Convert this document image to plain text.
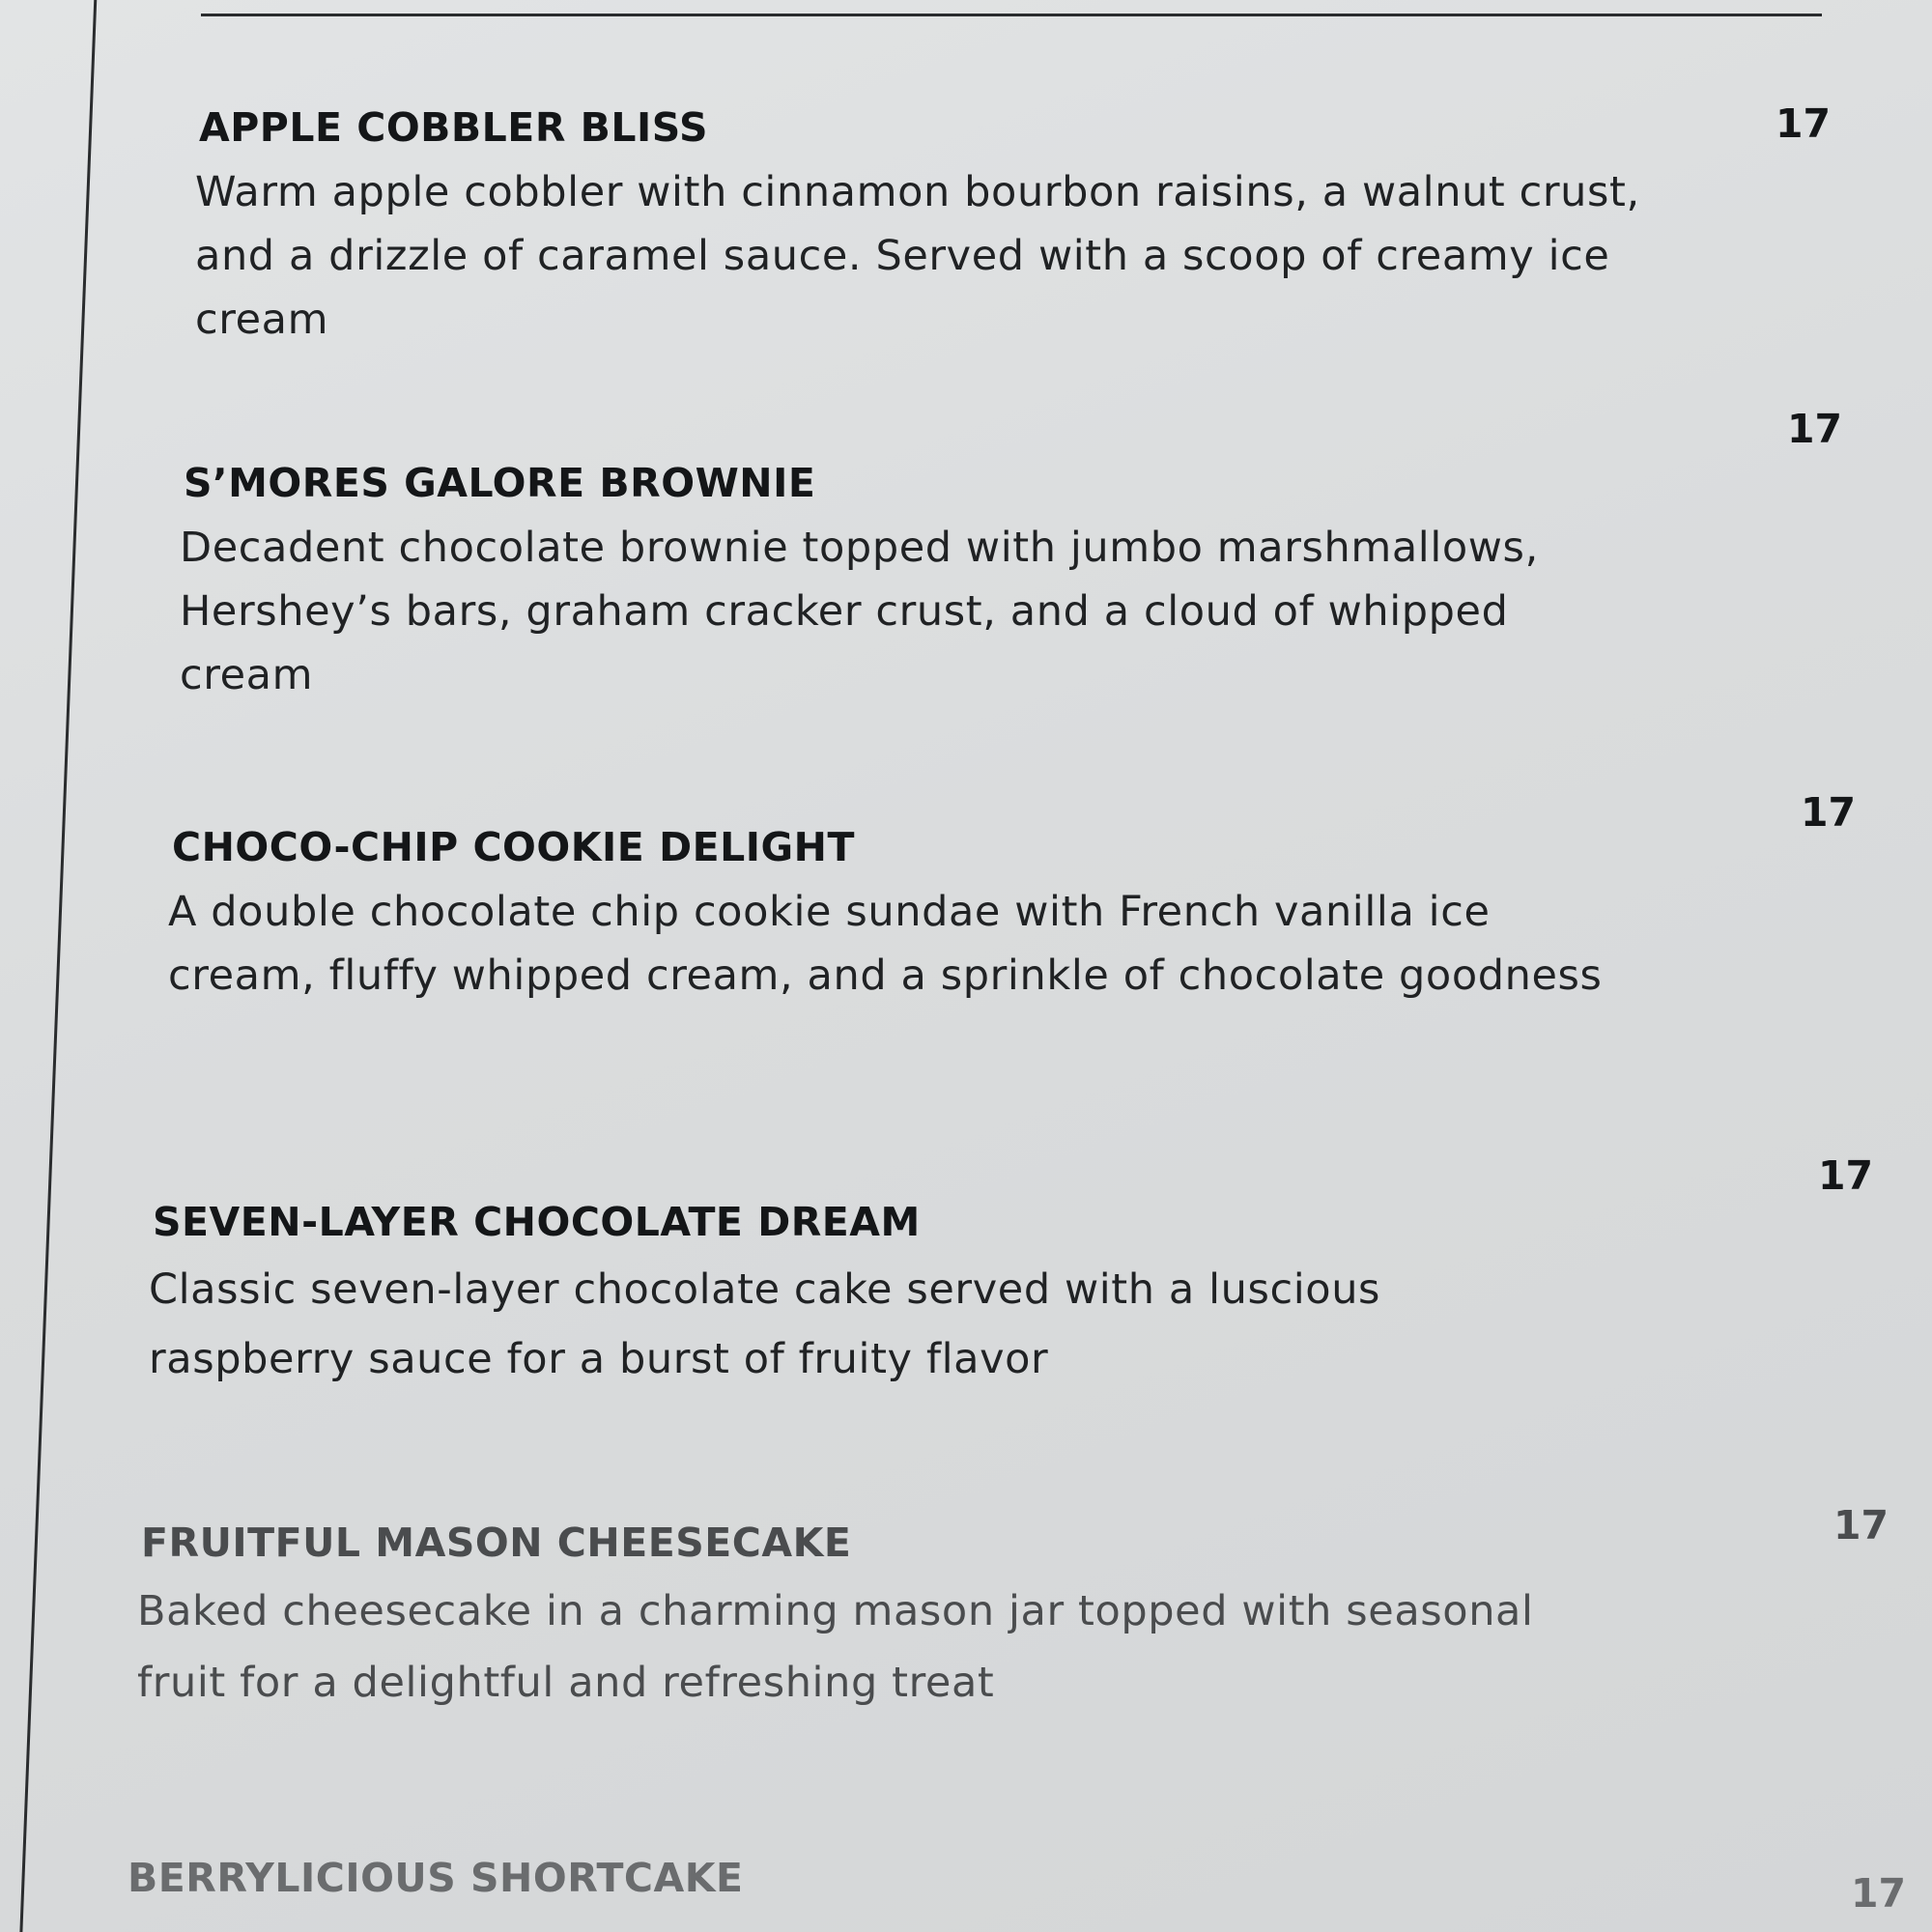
APPLE COBBLER BLISS
Warm apple cobbler with cinnamon bourbon raisins, a walnut crust, and a drizzle of caramel sauce. Served with a scoop of creamy ice cream
17
S’MORES GALORE BROWNIE
Decadent chocolate brownie topped with jumbo marshmallows, Hershey’s bars, graham cracker crust, and a cloud of whipped cream
17
CHOCO-CHIP COOKIE DELIGHT
A double chocolate chip cookie sundae with French vanilla ice cream, fluffy whipped cream, and a sprinkle of chocolate goodness
17
SEVEN-LAYER CHOCOLATE DREAM
Classic seven-layer chocolate cake served with a luscious raspberry sauce for a burst of fruity flavor
17
FRUITFUL MASON CHEESECAKE
Baked cheesecake in a charming mason jar topped with seasonal fruit for a delightful and refreshing treat
17
BERRYLICIOUS SHORTCAKE	17
